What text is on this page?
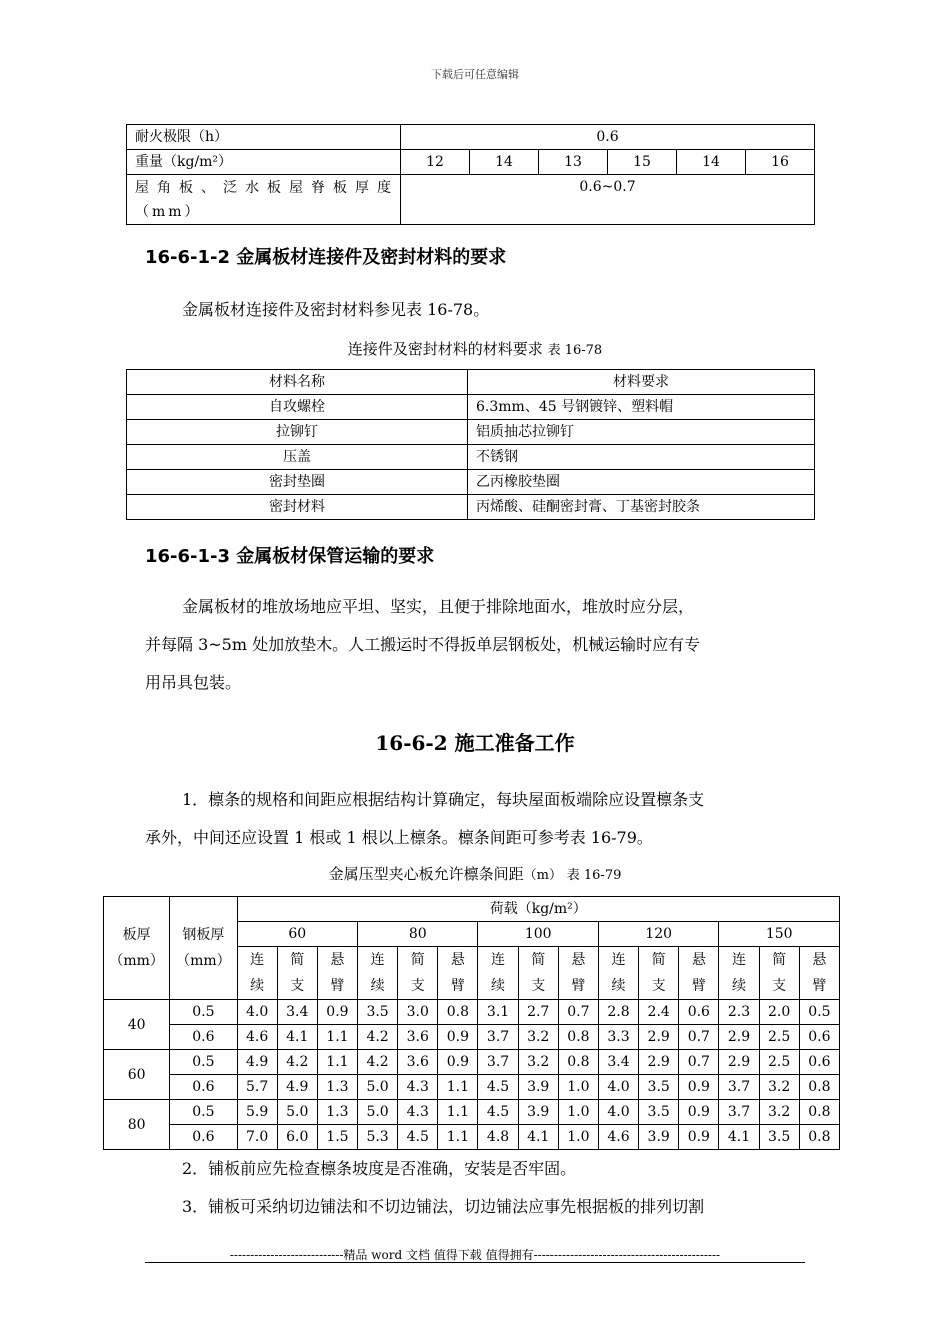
下载后可任意编辑
耐火极限（h）	0.6					
重量（kg/m²）	12	14	13	15	14	16
屋角板、泛水板屋脊板厚度（mm）	0.6~0.7					
16-6-1-2 金属板材连接件及密封材料的要求
金属板材连接件及密封材料参见表 16-78。
连接件及密封材料的材料要求 表 16-78
材料名称	材料要求
自攻螺栓	6.3mm、45 号钢镀锌、塑料帽
拉铆钉	铝质抽芯拉铆钉
压盖	不锈钢
密封垫圈	乙丙橡胶垫圈
密封材料	丙烯酸、硅酮密封膏、丁基密封胶条
16-6-1-3 金属板材保管运输的要求
金属板材的堆放场地应平坦、坚实，且便于排除地面水，堆放时应分层，
并每隔 3~5m 处加放垫木。人工搬运时不得扳单层钢板处，机械运输时应有专
用吊具包装。
16-6-2 施工准备工作
1．檩条的规格和间距应根据结构计算确定，每块屋面板端除应设置檩条支
承外，中间还应设置 1 根或 1 根以上檩条。檩条间距可参考表 16-79。
金属压型夹心板允许檩条间距（m） 表 16-79
板厚（mm）	钢板厚（mm）	荷载（kg/m²）														
		60			80			100			120			150		
		连续	简支	悬臂	连续	简支	悬臂	连续	简支	悬臂	连续	简支	悬臂	连续	简支	悬臂
40	0.5	4.0	3.4	0.9	3.5	3.0	0.8	3.1	2.7	0.7	2.8	2.4	0.6	2.3	2.0	0.5
	0.6	4.6	4.1	1.1	4.2	3.6	0.9	3.7	3.2	0.8	3.3	2.9	0.7	2.9	2.5	0.6
60	0.5	4.9	4.2	1.1	4.2	3.6	0.9	3.7	3.2	0.8	3.4	2.9	0.7	2.9	2.5	0.6
	0.6	5.7	4.9	1.3	5.0	4.3	1.1	4.5	3.9	1.0	4.0	3.5	0.9	3.7	3.2	0.8
80	0.5	5.9	5.0	1.3	5.0	4.3	1.1	4.5	3.9	1.0	4.0	3.5	0.9	3.7	3.2	0.8
	0.6	7.0	6.0	1.5	5.3	4.5	1.1	4.8	4.1	1.0	4.6	3.9	0.9	4.1	3.5	0.8
2．铺板前应先检查檩条坡度是否准确，安装是否牢固。
3．铺板可采纳切边铺法和不切边铺法，切边铺法应事先根据板的排列切割
----------------------------精品 word 文档 值得下载 值得拥有----------------------------------------------
